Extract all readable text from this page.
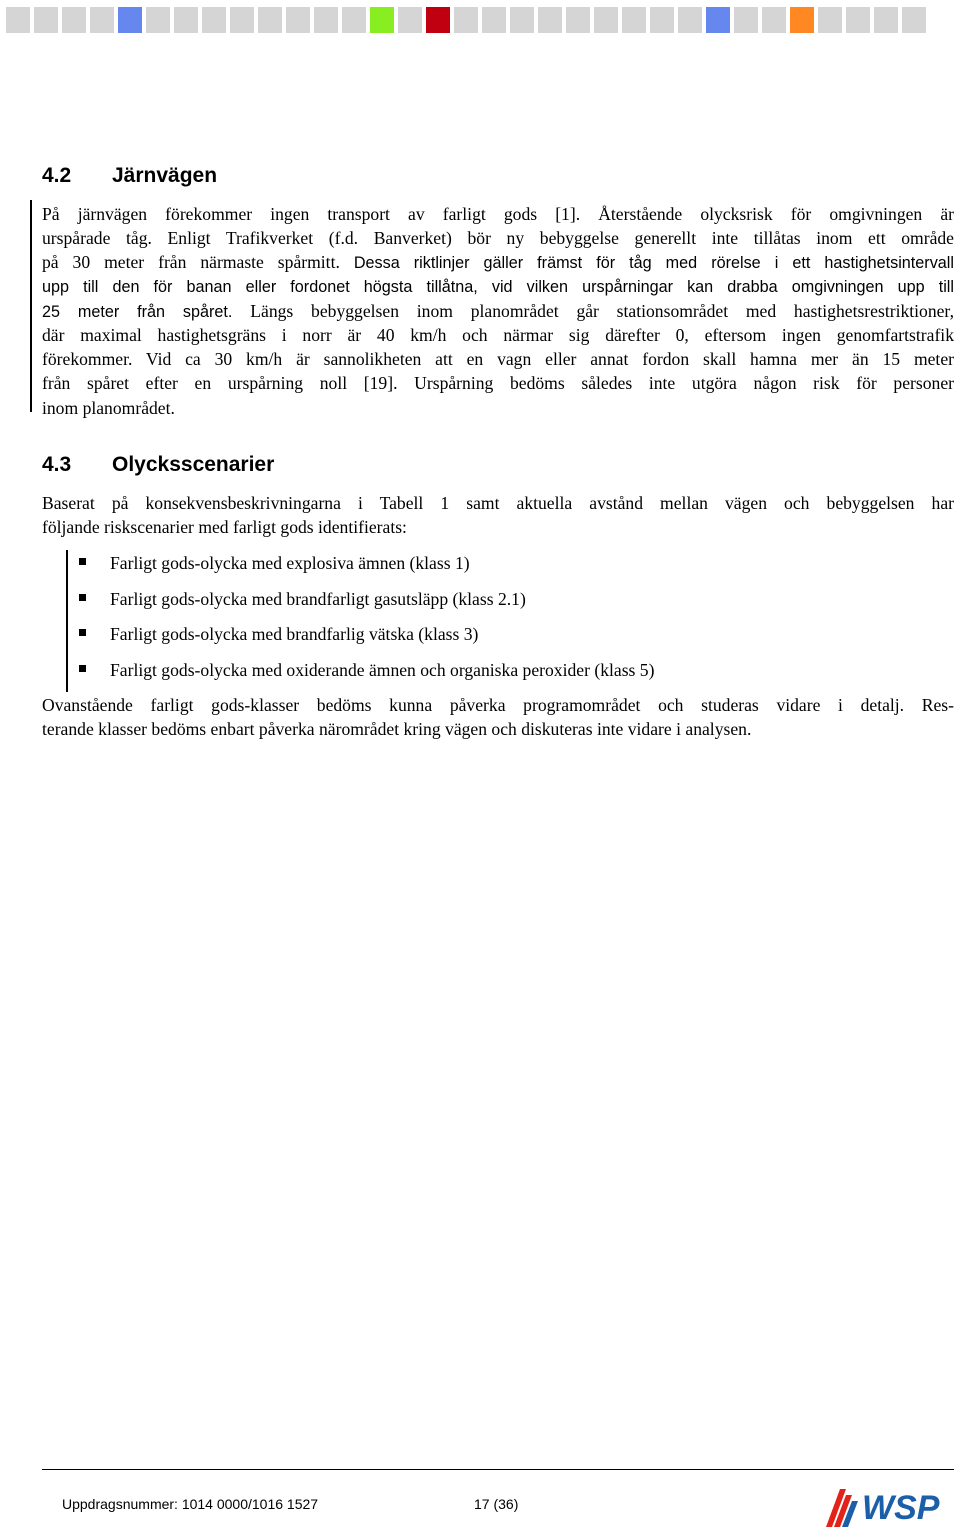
4.2 Järnvägen
På järnvägen förekommer ingen transport av farligt gods [1]. Återstående olycksrisk för omgivningen är
urspårade tåg. Enligt Trafikverket (f.d. Banverket) bör ny bebyggelse generellt inte tillåtas inom ett område
på 30 meter från närmaste spårmitt. Dessa riktlinjer gäller främst för tåg med rörelse i ett hastighetsintervall
upp till den för banan eller fordonet högsta tillåtna, vid vilken urspårningar kan drabba omgivningen upp till
25 meter från spåret. Längs bebyggelsen inom planområdet går stationsområdet med hastighetsrestriktioner,
där maximal hastighetsgräns i norr är 40 km/h och närmar sig därefter 0, eftersom ingen genomfartstrafik
förekommer. Vid ca 30 km/h är sannolikheten att en vagn eller annat fordon skall hamna mer än 15 meter
från spåret efter en urspårning noll [19]. Urspårning bedöms således inte utgöra någon risk för personer
inom planområdet.
4.3 Olycksscenarier
Baserat på konsekvensbeskrivningarna i Tabell 1 samt aktuella avstånd mellan vägen och bebyggelsen har
följande riskscenarier med farligt gods identifierats:
Farligt gods-olycka med explosiva ämnen (klass 1)
Farligt gods-olycka med brandfarligt gasutsläpp (klass 2.1)
Farligt gods-olycka med brandfarlig vätska (klass 3)
Farligt gods-olycka med oxiderande ämnen och organiska peroxider (klass 5)
Ovanstående farligt gods-klasser bedöms kunna påverka programområdet och studeras vidare i detalj. Res-
terande klasser bedöms enbart påverka närområdet kring vägen och diskuteras inte vidare i analysen.
Uppdragsnummer: 1014 0000/1016 1527	17 (36)	WSP
